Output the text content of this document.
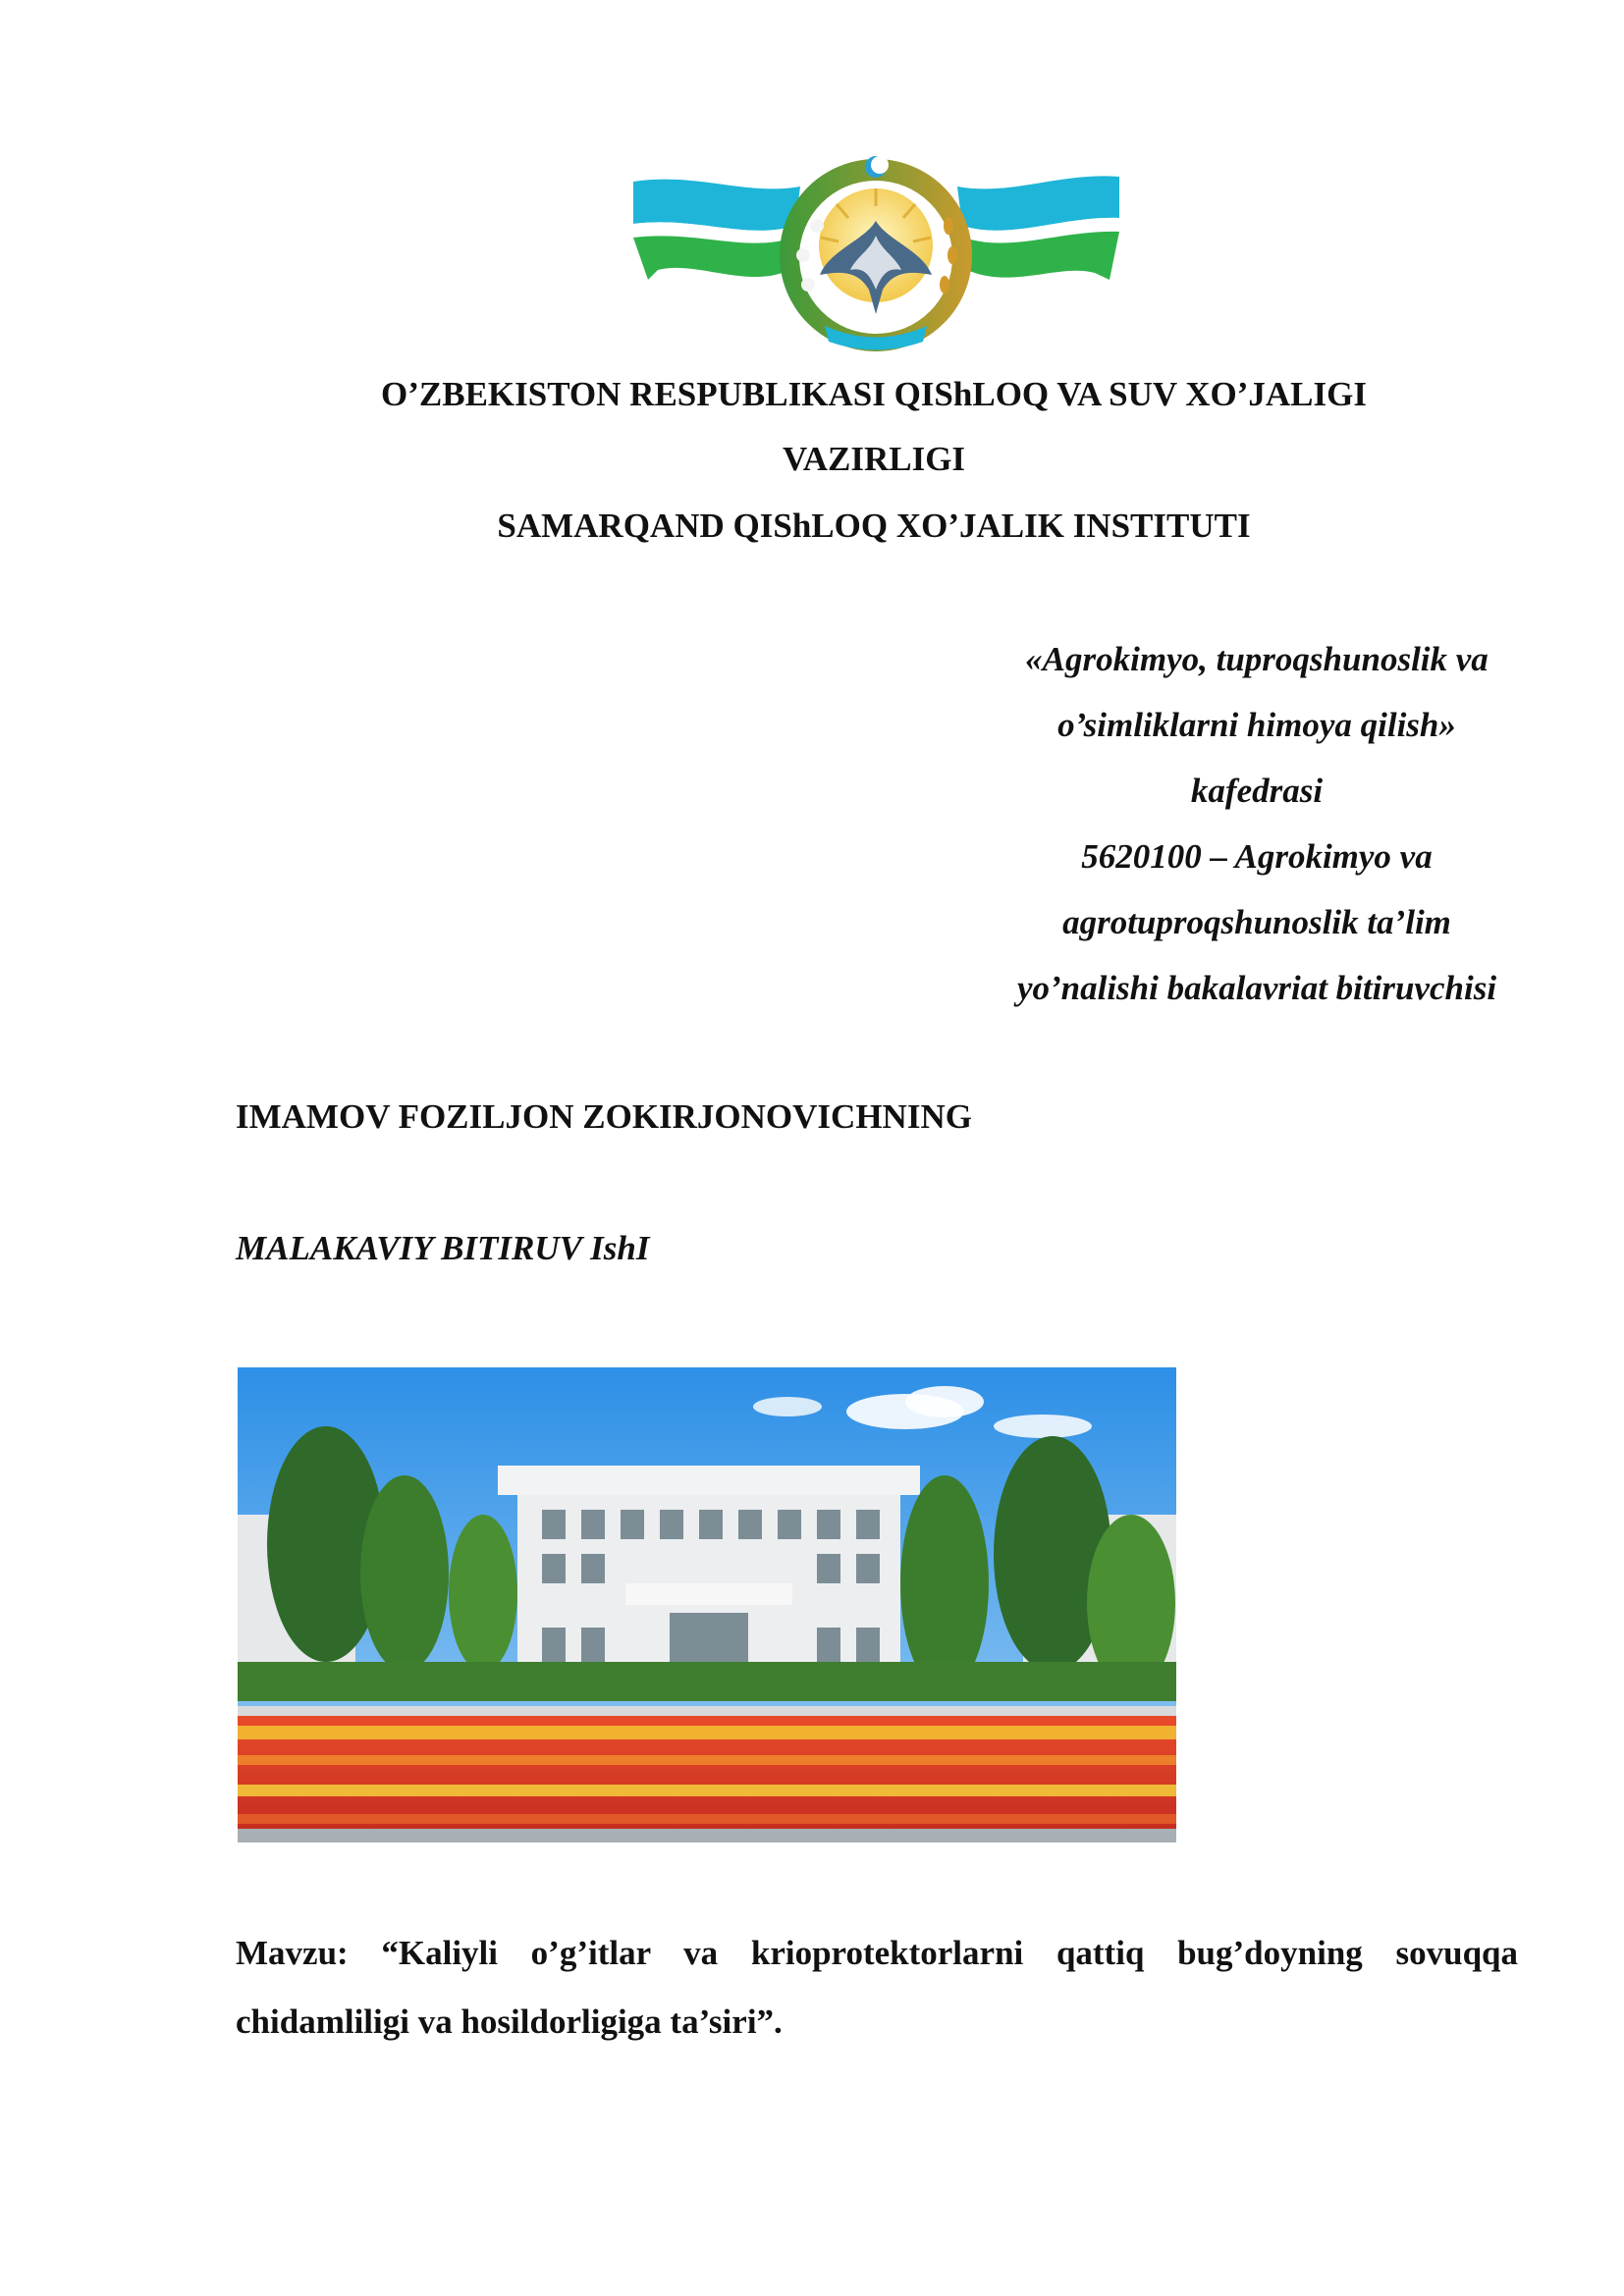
O’ZBEKISTON RESPUBLIKASI QIShLOQ VA SUV XO’JALIGI
VAZIRLIGI
SAMARQAND QIShLOQ XO’JALIK INSTITUTI
«Agrokimyo, tuproqshunoslik va
o’simliklarni himoya qilish»
kafedrasi
5620100 – Agrokimyo va
agrotuproqshunoslik ta’lim
yo’nalishi bakalavriat bitiruvchisi
IMAMOV FOZILJON ZOKIRJONOVICHNING
MALAKAVIY BITIRUV IshI
Mavzu: “Kaliyli o’g’itlar va krioprotektorlarni qattiq bug’doyning sovuqqa chidamliligi va hosildorligiga ta’siri”.
